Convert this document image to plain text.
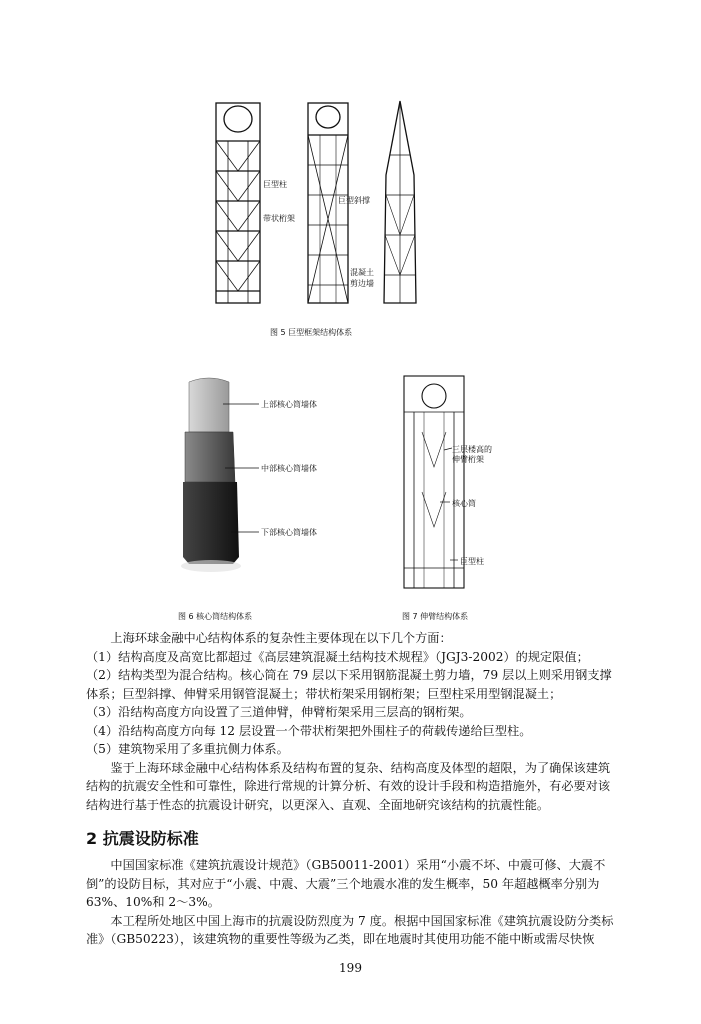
巨型柱
带状桁架
巨型斜撑
混凝土
剪边墙
图 5 巨型框架结构体系
上部核心筒墙体
中部核心筒墙体
下部核心筒墙体
图 6 核心筒结构体系
三层楼高的
伸臂桁架
核心筒
巨型柱
图 7 伸臂结构体系

上海环球金融中心结构体系的复杂性主要体现在以下几个方面：

（1）结构高度及高宽比都超过《高层建筑混凝土结构技术规程》（JGJ3-2002）的规定限值；

（2）结构类型为混合结构。核心筒在 79 层以下采用钢筋混凝土剪力墙，79 层以上则采用钢支撑体系；巨型斜撑、伸臂采用钢管混凝土；带状桁架采用钢桁架；巨型柱采用型钢混凝土；

（3）沿结构高度方向设置了三道伸臂，伸臂桁架采用三层高的钢桁架。

（4）沿结构高度方向每 12 层设置一个带状桁架把外围柱子的荷载传递给巨型柱。

（5）建筑物采用了多重抗侧力体系。

鉴于上海环球金融中心结构体系及结构布置的复杂、结构高度及体型的超限，为了确保该建筑结构的抗震安全性和可靠性，除进行常规的计算分析、有效的设计手段和构造措施外，有必要对该结构进行基于性态的抗震设计研究，以更深入、直观、全面地研究该结构的抗震性能。

2 抗震设防标准

中国国家标准《建筑抗震设计规范》（GB50011-2001）采用“小震不坏、中震可修、大震不倒”的设防目标，其对应于“小震、中震、大震”三个地震水准的发生概率，50 年超越概率分别为 63%、10%和 2～3%。

本工程所处地区中国上海市的抗震设防烈度为 7 度。根据中国国家标准《建筑抗震设防分类标准》（GB50223），该建筑物的重要性等级为乙类，即在地震时其使用功能不能中断或需尽快恢

199
